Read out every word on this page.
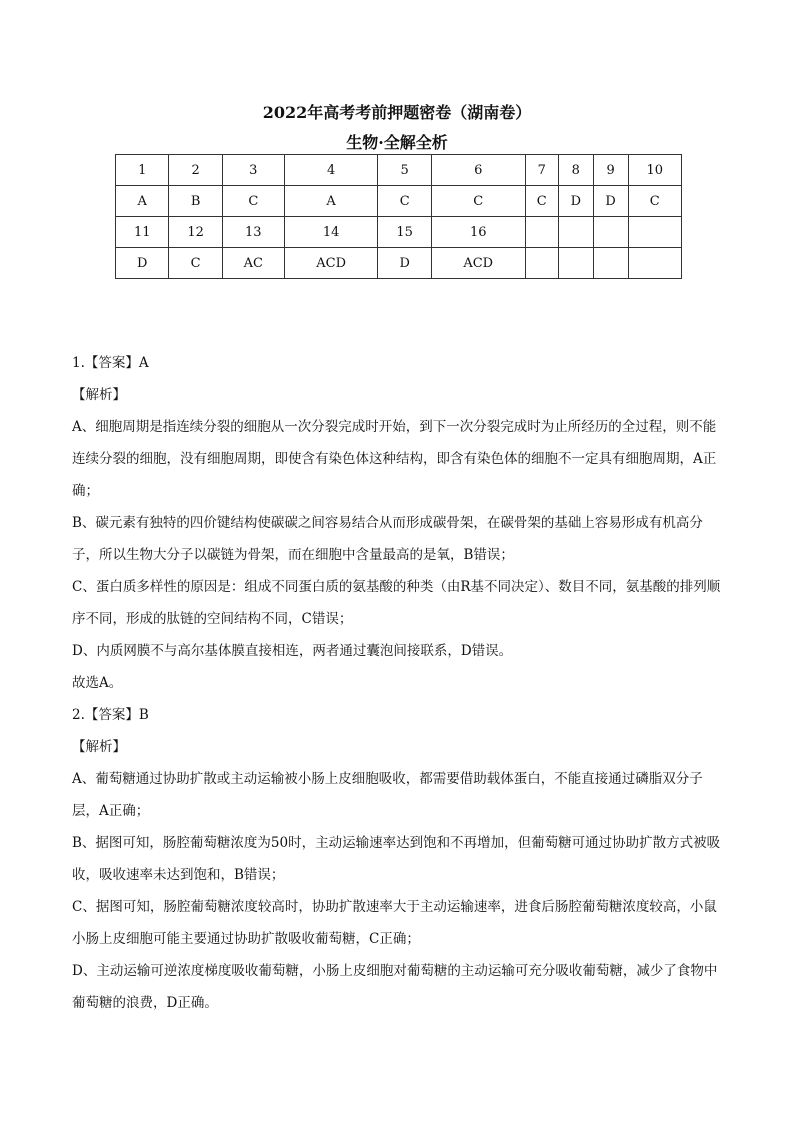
2022年高考考前押题密卷（湖南卷）
生物·全解全析
1	2	3	4	5	6	7	8	9	10
A	B	C	A	C	C	C	D	D	C
11	12	13	14	15	16				
D	C	AC	ACD	D	ACD				

1.【答案】A

【解析】

A、细胞周期是指连续分裂的细胞从一次分裂完成时开始，到下一次分裂完成时为止所经历的全过程，则不能连续分裂的细胞，没有细胞周期，即使含有染色体这种结构，即含有染色体的细胞不一定具有细胞周期，A正确；

B、碳元素有独特的四价键结构使碳碳之间容易结合从而形成碳骨架，在碳骨架的基础上容易形成有机高分子，所以生物大分子以碳链为骨架，而在细胞中含量最高的是氧，B错误；

C、蛋白质多样性的原因是：组成不同蛋白质的氨基酸的种类（由R基不同决定）、数目不同，氨基酸的排列顺序不同，形成的肽链的空间结构不同，C错误；

D、内质网膜不与高尔基体膜直接相连，两者通过囊泡间接联系，D错误。

故选A。

2.【答案】B

【解析】

A、葡萄糖通过协助扩散或主动运输被小肠上皮细胞吸收，都需要借助载体蛋白，不能直接通过磷脂双分子层，A正确；

B、据图可知，肠腔葡萄糖浓度为50时，主动运输速率达到饱和不再增加，但葡萄糖可通过协助扩散方式被吸收，吸收速率未达到饱和，B错误；

C、据图可知，肠腔葡萄糖浓度较高时，协助扩散速率大于主动运输速率，进食后肠腔葡萄糖浓度较高，小鼠小肠上皮细胞可能主要通过协助扩散吸收葡萄糖，C正确；

D、主动运输可逆浓度梯度吸收葡萄糖，小肠上皮细胞对葡萄糖的主动运输可充分吸收葡萄糖，减少了食物中葡萄糖的浪费，D正确。
